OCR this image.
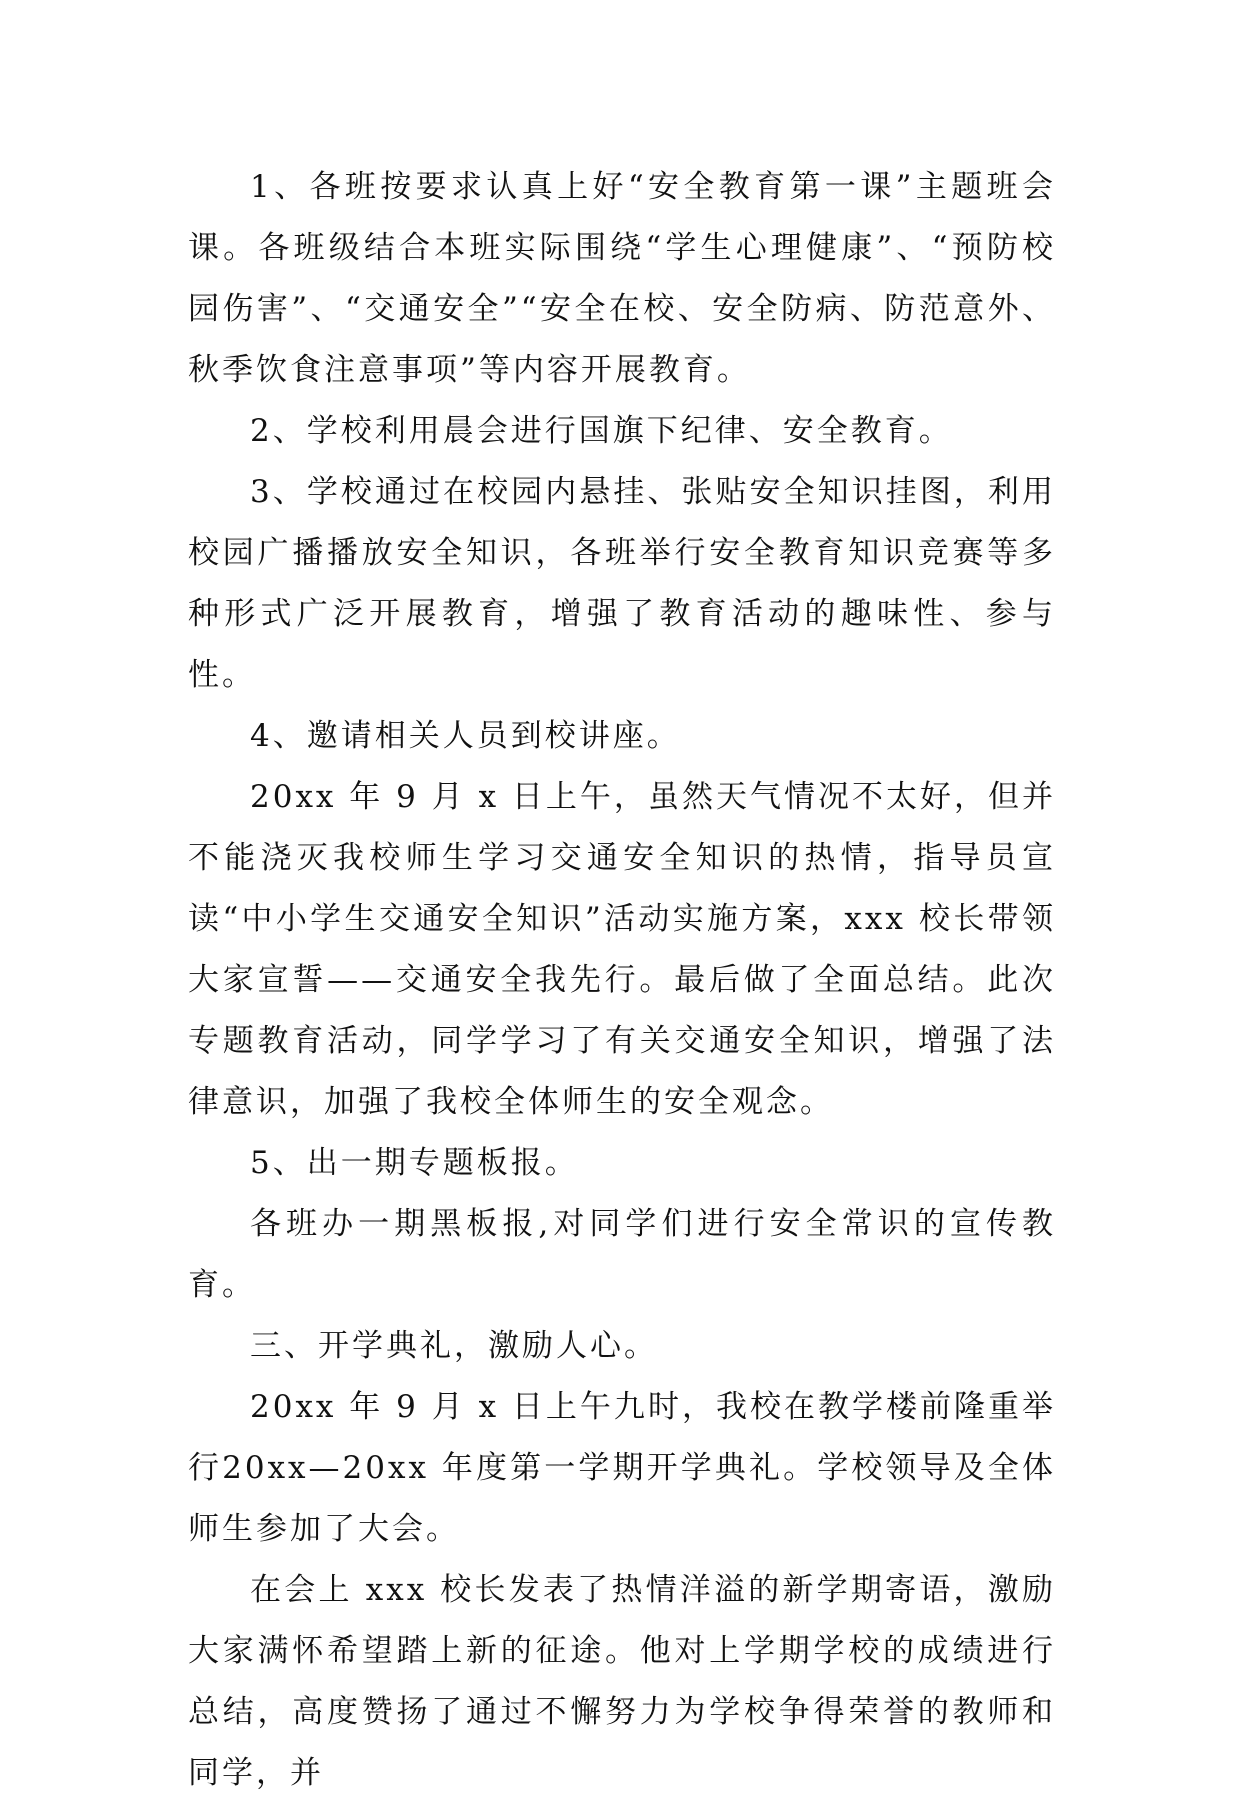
1、各班按要求认真上好“安全教育第一课”主题班会课。各班级结合本班实际围绕“学生心理健康”、“预防校园伤害”、“交通安全”“安全在校、安全防病、防范意外、秋季饮食注意事项”等内容开展教育。

2、学校利用晨会进行国旗下纪律、安全教育。

3、学校通过在校园内悬挂、张贴安全知识挂图，利用校园广播播放安全知识，各班举行安全教育知识竞赛等多种形式广泛开展教育，增强了教育活动的趣味性、参与性。

4、邀请相关人员到校讲座。

20xx 年 9 月 x 日上午，虽然天气情况不太好，但并不能浇灭我校师生学习交通安全知识的热情，指导员宣读“中小学生交通安全知识”活动实施方案，xxx 校长带领大家宣誓——交通安全我先行。最后做了全面总结。此次专题教育活动，同学学习了有关交通安全知识，增强了法律意识，加强了我校全体师生的安全观念。

5、出一期专题板报。

各班办一期黑板报,对同学们进行安全常识的宣传教育。

三、开学典礼，激励人心。

20xx 年 9 月 x 日上午九时，我校在教学楼前隆重举行20xx—20xx 年度第一学期开学典礼。学校领导及全体师生参加了大会。

在会上 xxx 校长发表了热情洋溢的新学期寄语，激励大家满怀希望踏上新的征途。他对上学期学校的成绩进行总结，高度赞扬了通过不懈努力为学校争得荣誉的教师和同学，并
